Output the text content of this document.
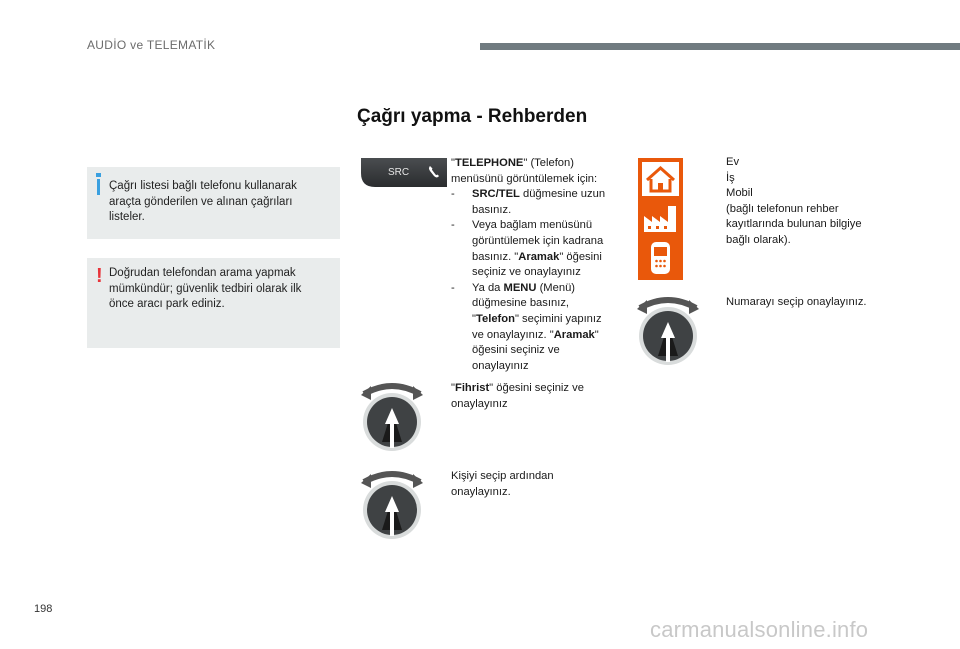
AUDİO ve TELEMATİK
Çağrı yapma - Rehberden
Çağrı listesi bağlı telefonu kullanarak
araçta gönderilen ve alınan çağrıları
listeler.
Doğrudan telefondan arama yapmak
mümkündür; güvenlik tedbiri olarak ilk
önce aracı park ediniz.
!
SRC
"TELEPHONE" (Telefon)
menüsünü görüntülemek için:
-	SRC/TEL düğmesine uzun
basınız.
-	Veya bağlam menüsünü
görüntülemek için kadrana
basınız. "Aramak" öğesini
seçiniz ve onaylayınız
-	Ya da MENU (Menü)
düğmesine basınız,
"Telefon" seçimini yapınız
ve onaylayınız. "Aramak"
öğesini seçiniz ve
onaylayınız
"Fihrist" öğesini seçiniz ve
onaylayınız
Kişiyi seçip ardından
onaylayınız.
Ev
İş
Mobil
(bağlı telefonun rehber
kayıtlarında bulunan bilgiye
bağlı olarak).
Numarayı seçip onaylayınız.
198
carmanualsonline.info
